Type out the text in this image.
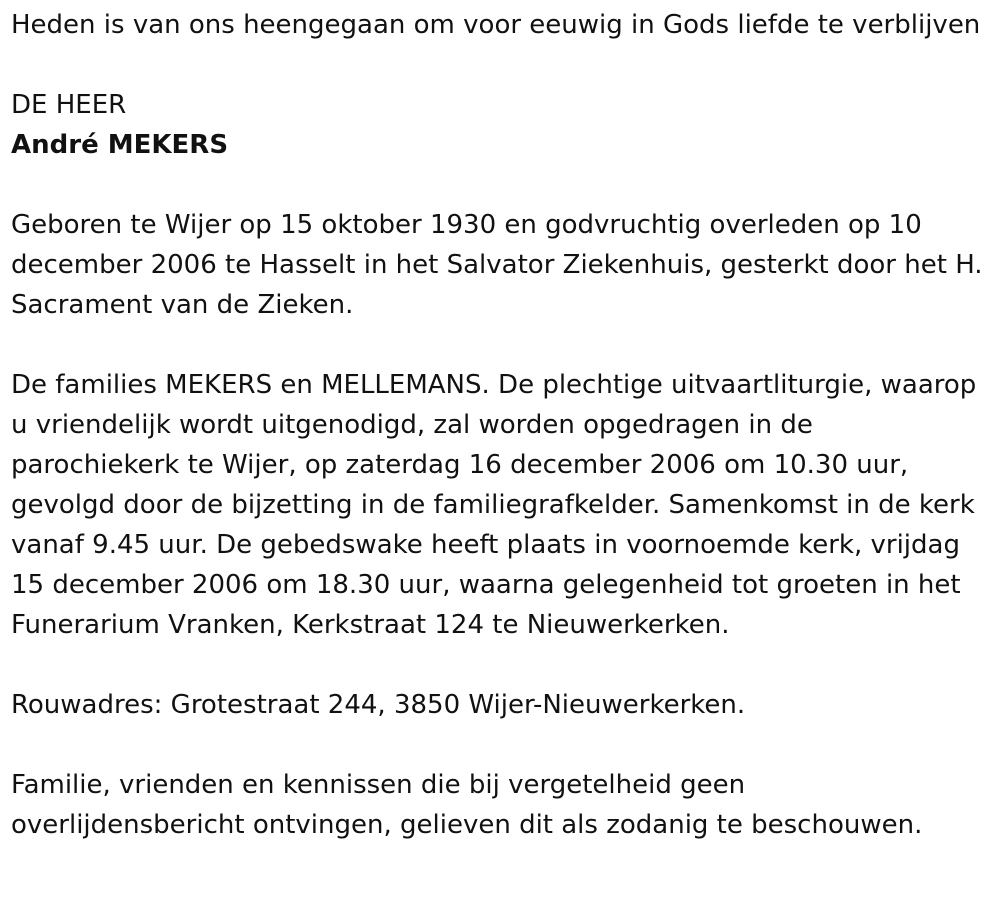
Heden is van ons heengegaan om voor eeuwig in Gods liefde te verblijven

DE HEER

André MEKERS

Geboren te Wijer op 15 oktober 1930 en godvruchtig overleden op 10 december 2006 te Hasselt in het Salvator Ziekenhuis, gesterkt door het H. Sacrament van de Zieken.

De families MEKERS en MELLEMANS. De plechtige uitvaartliturgie, waarop u vriendelijk wordt uitgenodigd, zal worden opgedragen in de parochiekerk te Wijer, op zaterdag 16 december 2006 om 10.30 uur, gevolgd door de bijzetting in de familiegrafkelder. Samenkomst in de kerk vanaf 9.45 uur. De gebedswake heeft plaats in voornoemde kerk, vrijdag 15 december 2006 om 18.30 uur, waarna gelegenheid tot groeten in het Funerarium Vranken, Kerkstraat 124 te Nieuwerkerken.

Rouwadres: Grotestraat 244, 3850 Wijer-Nieuwerkerken.

Familie, vrienden en kennissen die bij vergetelheid geen overlijdensbericht ontvingen, gelieven dit als zodanig te beschouwen.
